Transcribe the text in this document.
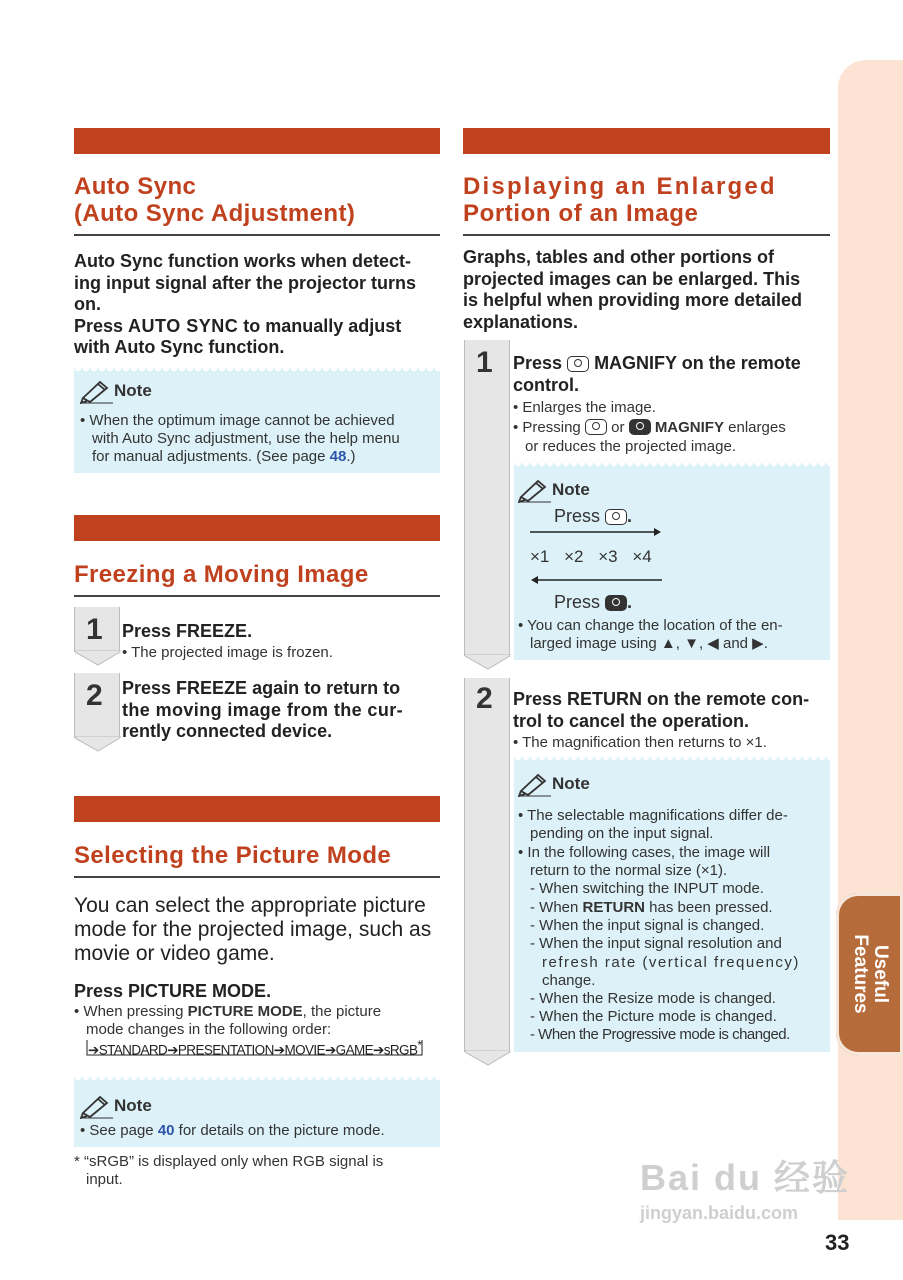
Useful
Features
Auto Sync
(Auto Sync Adjustment)
Auto Sync function works when detect-
ing input signal after the projector turns
on.
Press AUTO SYNC to manually adjust
with Auto Sync function.
Note
• When the optimum image cannot be achieved
with Auto Sync adjustment, use the help menu
for manual adjustments. (See page 48.)
Freezing a Moving Image
1 Press FREEZE.
• The projected image is frozen.
2 Press FREEZE again to return to
the moving image from the cur-
rently connected device.
Selecting the Picture Mode
You can select the appropriate picture
mode for the projected image, such as
movie or video game.
Press PICTURE MODE.
• When pressing PICTURE MODE, the picture
mode changes in the following order:
➔STANDARD➔PRESENTATION➔MOVIE➔GAME➔sRGB*
Note
• See page 40 for details on the picture mode.
* “sRGB” is displayed only when RGB signal is
input.
Displaying an Enlarged
Portion of an Image
Graphs, tables and other portions of
projected images can be enlarged. This
is helpful when providing more detailed
explanations.
1 Press  MAGNIFY on the remote
control.
• Enlarges the image.
• Pressing  or  MAGNIFY enlarges
or reduces the projected image.
Note
Press .
×1 ×2 ×3 ×4
Press .
• You can change the location of the en-
larged image using ▲, ▼, ◀ and ▶.
2 Press RETURN on the remote con-
trol to cancel the operation.
• The magnification then returns to ×1.
Note
• The selectable magnifications differ de-
pending on the input signal.
• In the following cases, the image will
return to the normal size (×1).
- When switching the INPUT mode.
- When RETURN has been pressed.
- When the input signal is changed.
- When the input signal resolution and
refresh rate (vertical frequency)
change.
- When the Resize mode is changed.
- When the Picture mode is changed.
- When the Progressive mode is changed.
Bai du 经验
jingyan.baidu.com
33
